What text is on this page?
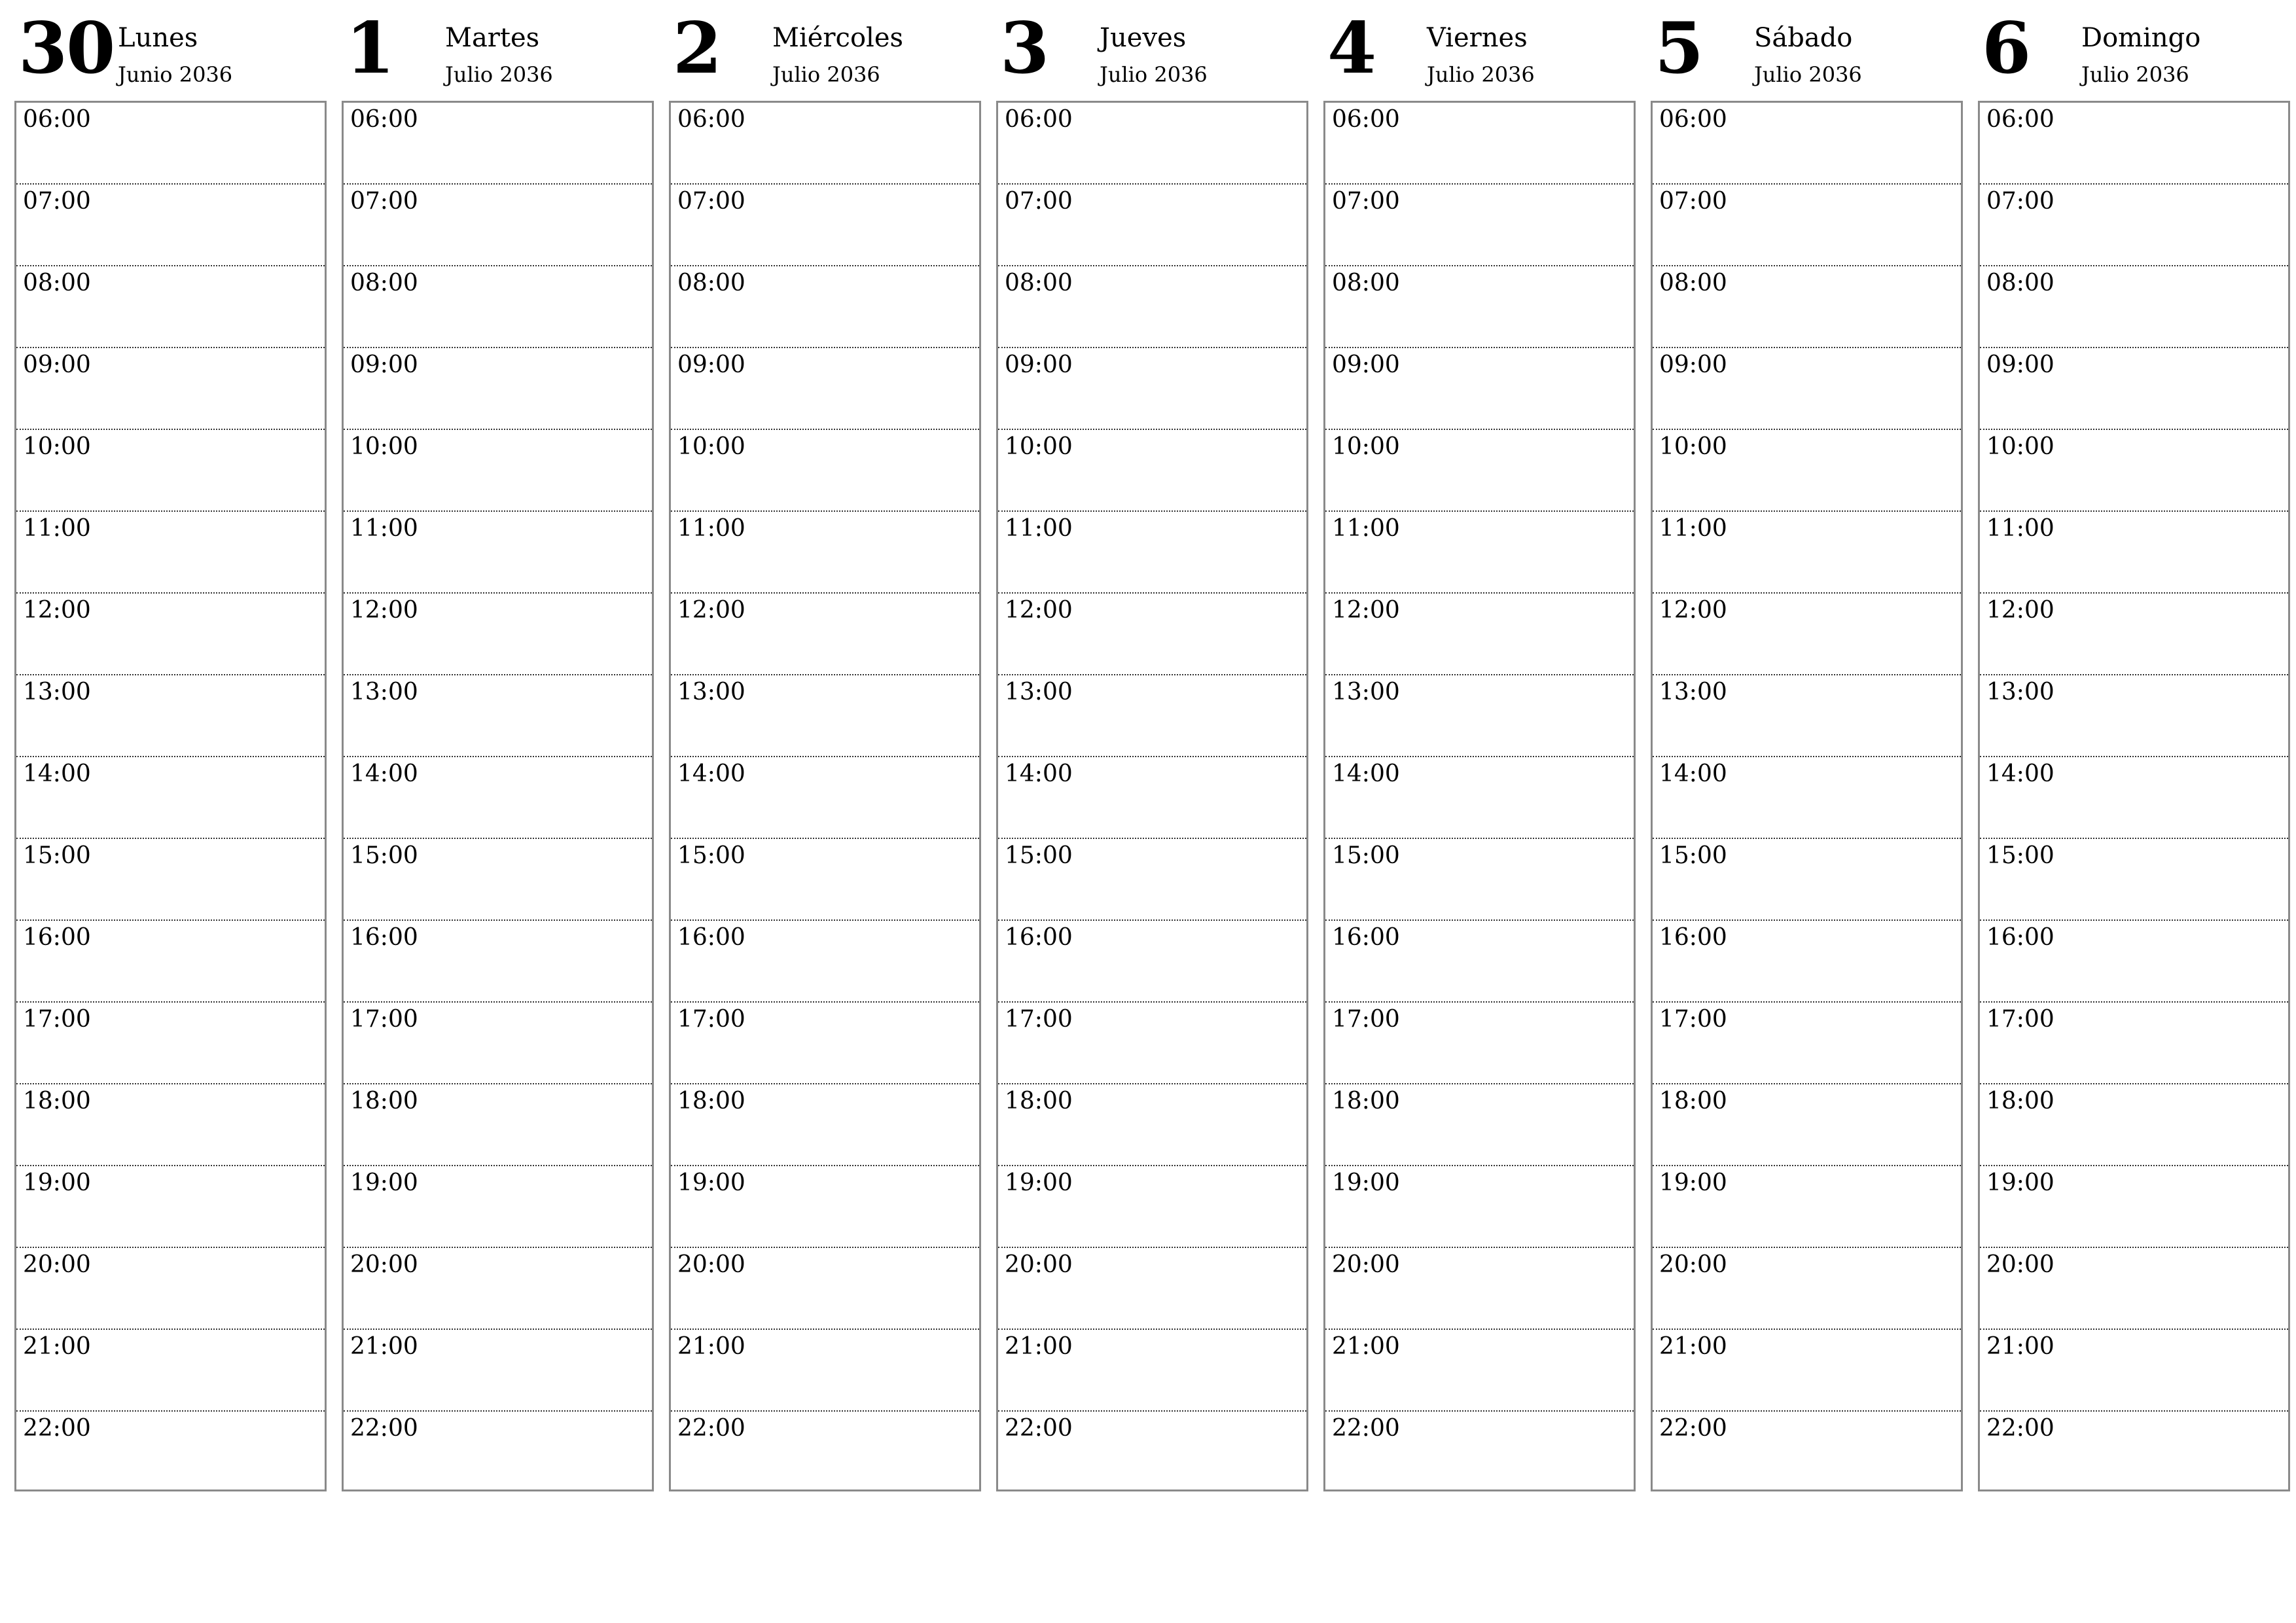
30 Lunes
Junio 2036
06:00
07:00
08:00
09:00
10:00
11:00
12:00
13:00
14:00
15:00
16:00
17:00
18:00
19:00
20:00
21:00
22:00
1 Martes
Julio 2036
06:00
07:00
08:00
09:00
10:00
11:00
12:00
13:00
14:00
15:00
16:00
17:00
18:00
19:00
20:00
21:00
22:00
2 Miércoles
Julio 2036
06:00
07:00
08:00
09:00
10:00
11:00
12:00
13:00
14:00
15:00
16:00
17:00
18:00
19:00
20:00
21:00
22:00
3 Jueves
Julio 2036
06:00
07:00
08:00
09:00
10:00
11:00
12:00
13:00
14:00
15:00
16:00
17:00
18:00
19:00
20:00
21:00
22:00
4 Viernes
Julio 2036
06:00
07:00
08:00
09:00
10:00
11:00
12:00
13:00
14:00
15:00
16:00
17:00
18:00
19:00
20:00
21:00
22:00
5 Sábado
Julio 2036
06:00
07:00
08:00
09:00
10:00
11:00
12:00
13:00
14:00
15:00
16:00
17:00
18:00
19:00
20:00
21:00
22:00
6 Domingo
Julio 2036
06:00
07:00
08:00
09:00
10:00
11:00
12:00
13:00
14:00
15:00
16:00
17:00
18:00
19:00
20:00
21:00
22:00
